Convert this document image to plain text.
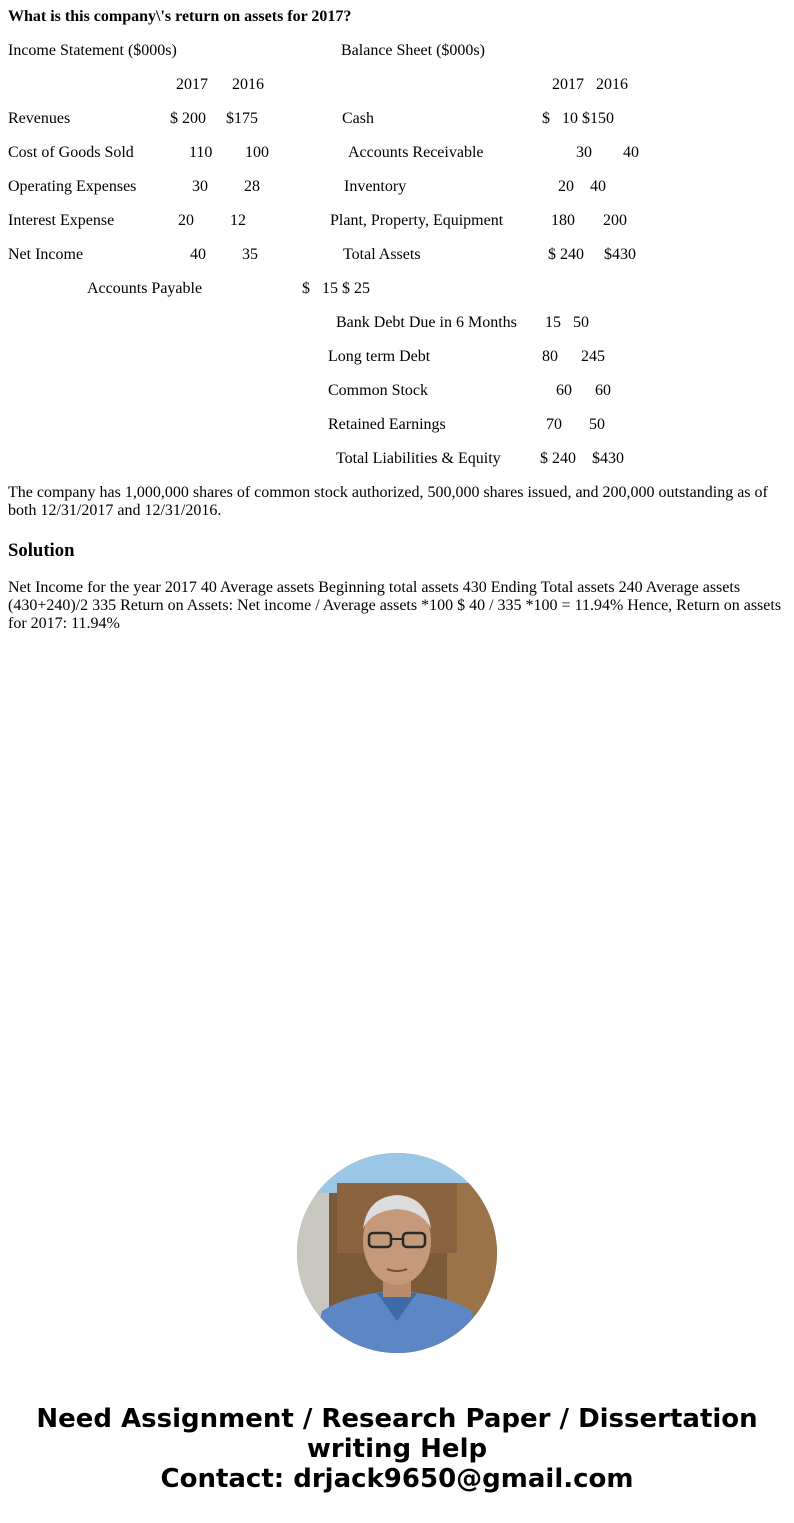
What is this company\'s return on assets for 2017?
Income Statement ($000s)	Balance Sheet ($000s)
2017 2016	2017 2016
Revenues	$ 200 $175
Cost of Goods Sold	110 100
Operating Expenses	30 28
Interest Expense	20 12
Net Income	40 35
Cash	$   10 $150
Accounts Receivable	30 40
Inventory	20 40
Plant, Property, Equipment	180 200
Total Assets	$ 240 $430
Accounts Payable	$   15 $ 25
Bank Debt Due in 6 Months 15 50
Long term Debt	80 245
Common Stock	60 60
Retained Earnings	70 50
Total Liabilities & Equity $ 240 $430
The company has 1,000,000 shares of common stock authorized, 500,000 shares issued, and 200,000 outstanding as of both 12/31/2017 and 12/31/2016.
Solution
Net Income for the year 2017 40 Average assets Beginning total assets 430 Ending Total assets 240 Average assets (430+240)/2 335 Return on Assets: Net income / Average assets *100 $ 40 / 335 *100 = 11.94% Hence, Return on assets for 2017: 11.94%
Need Assignment / Research Paper / Dissertation
writing Help
Contact: drjack9650@gmail.com
